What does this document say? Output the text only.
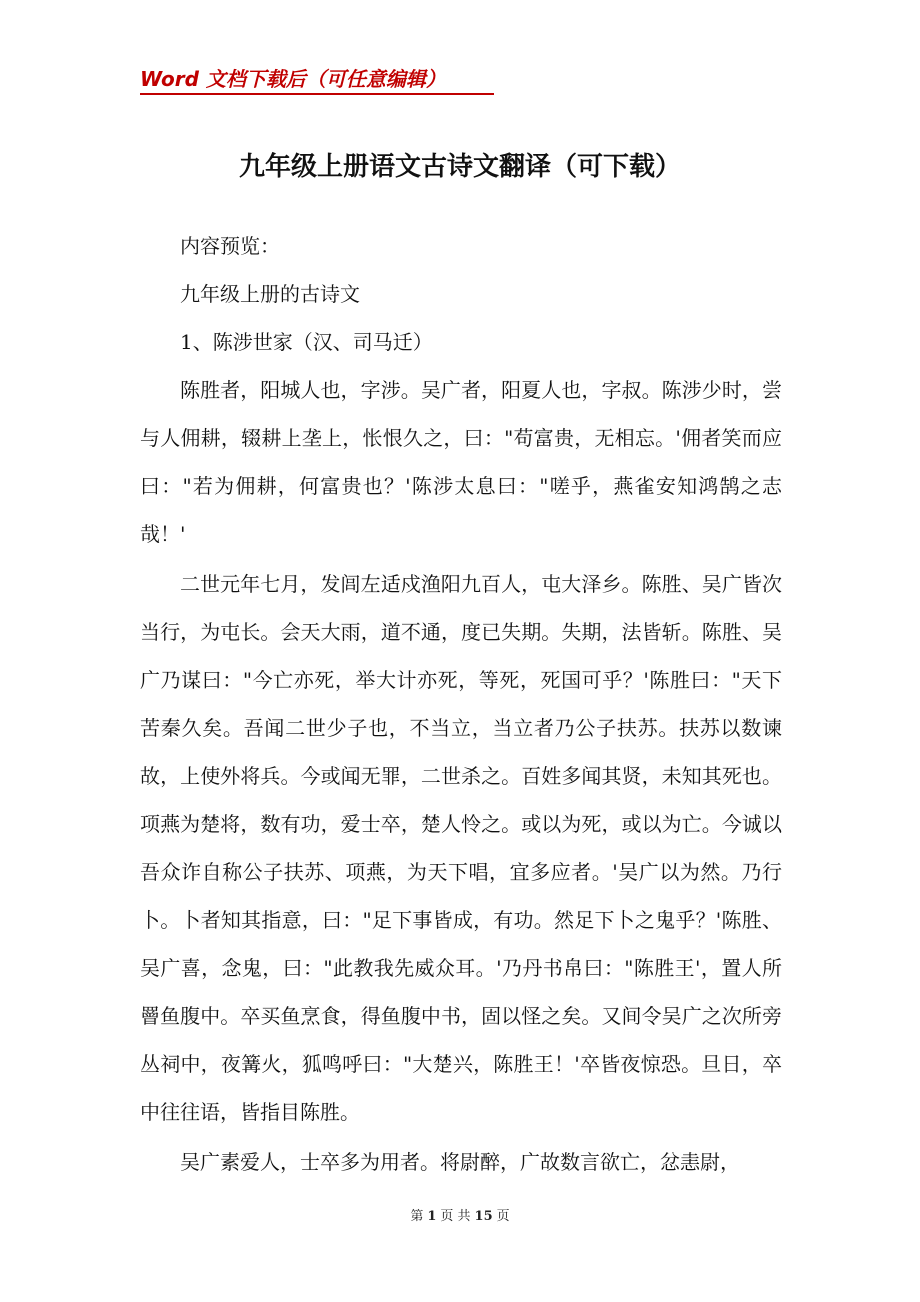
Word 文档下载后（可任意编辑）
九年级上册语文古诗文翻译（可下载）

内容预览：

九年级上册的古诗文

1、陈涉世家（汉、司马迁）

陈胜者，阳城人也，字涉。吴广者，阳夏人也，字叔。陈涉少时，尝与人佣耕，辍耕上垄上，怅恨久之，曰："苟富贵，无相忘。'佣者笑而应曰："若为佣耕，何富贵也？'陈涉太息曰："嗟乎，燕雀安知鸿鹄之志哉！'

二世元年七月，发闾左适戍渔阳九百人，屯大泽乡。陈胜、吴广皆次当行，为屯长。会天大雨，道不通，度已失期。失期，法皆斩。陈胜、吴广乃谋曰："今亡亦死，举大计亦死，等死，死国可乎？'陈胜曰："天下苦秦久矣。吾闻二世少子也，不当立，当立者乃公子扶苏。扶苏以数谏故，上使外将兵。今或闻无罪，二世杀之。百姓多闻其贤，未知其死也。项燕为楚将，数有功，爱士卒，楚人怜之。或以为死，或以为亡。今诚以吾众诈自称公子扶苏、项燕，为天下唱，宜多应者。'吴广以为然。乃行卜。卜者知其指意，曰："足下事皆成，有功。然足下卜之鬼乎？'陈胜、吴广喜，念鬼，曰："此教我先威众耳。'乃丹书帛曰："陈胜王'，置人所罾鱼腹中。卒买鱼烹食，得鱼腹中书，固以怪之矣。又间令吴广之次所旁丛祠中，夜篝火，狐鸣呼曰："大楚兴，陈胜王！'卒皆夜惊恐。旦日，卒中往往语，皆指目陈胜。

吴广素爱人，士卒多为用者。将尉醉，广故数言欲亡，忿恚尉，

第 1 页 共 15 页
